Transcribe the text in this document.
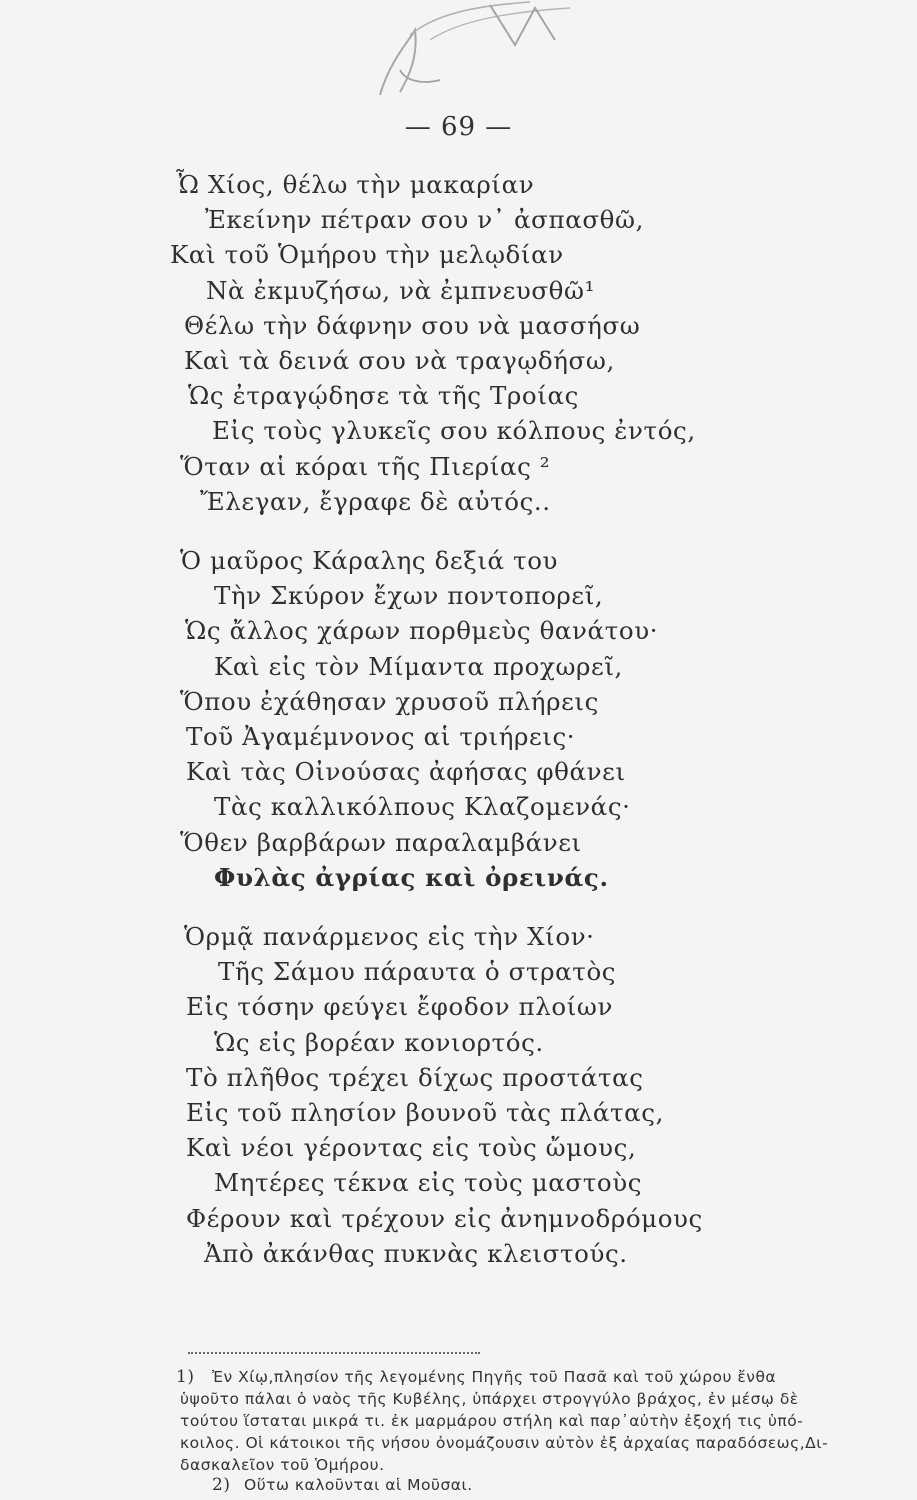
— 69 —
Ὦ Χίος, θέλω τὴν μακαρίαν
Ἐκείνην πέτραν σου ν᾽ ἀσπασθῶ,
Καὶ τοῦ Ὁμήρου τὴν μελῳδίαν
Νὰ ἐκμυζήσω, νὰ ἐμπνευσθῶ¹
Θέλω τὴν δάφνην σου νὰ μασσήσω
Καὶ τὰ δεινά σου νὰ τραγῳδήσω,
Ὡς ἐτραγῴδησε τὰ τῆς Τροίας
Εἰς τοὺς γλυκεῖς σου κόλπους ἐντός,
Ὅταν αἱ κόραι τῆς Πιερίας ²
Ἔλεγαν, ἔγραφε δὲ αὐτός..
Ὁ μαῦρος Κάραλης δεξιά του
Τὴν Σκύρον ἔχων ποντοπορεῖ,
Ὡς ἄλλος χάρων πορθμεὺς θανάτου·
Καὶ εἰς τὸν Μίμαντα προχωρεῖ,
Ὅπου ἐχάθησαν χρυσοῦ πλήρεις
Τοῦ Ἀγαμέμνονος αἱ τριήρεις·
Καὶ τὰς Οἰνούσας ἀφήσας φθάνει
Τὰς καλλικόλπους Κλαζομενάς·
Ὅθεν βαρβάρων παραλαμβάνει
Φυλὰς ἀγρίας καὶ ὀρεινάς.
Ὁρμᾷ πανάρμενος εἰς τὴν Χίον·
Τῆς Σάμου πάραυτα ὁ στρατὸς
Εἰς τόσην φεύγει ἔφοδον πλοίων
Ὡς εἰς βορέαν κονιορτός.
Τὸ πλῆθος τρέχει δίχως προστάτας
Εἰς τοῦ πλησίον βουνοῦ τὰς πλάτας,
Καὶ νέοι γέροντας εἰς τοὺς ὤμους,
Μητέρες τέκνα εἰς τοὺς μαστοὺς
Φέρουν καὶ τρέχουν εἰς ἀνημνοδρόμους
Ἀπὸ ἀκάνθας πυκνὰς κλειστούς.
1) Ἐν Χίῳ,πλησίον τῆς λεγομένης Πηγῆς τοῦ Πασᾶ καὶ τοῦ χώρου ἔνθα
ὑψοῦτο πάλαι ὁ ναὸς τῆς Κυβέλης, ὑπάρχει στρογγύλο βράχος, ἐν μέσῳ δὲ
τούτου ἵσταται μικρά τι. ἐκ μαρμάρου στήλη καὶ παρ᾽αὐτὴν ἐξοχή τις ὑπό-
κοιλος. Οἱ κάτοικοι τῆς νήσου ὀνομάζουσιν αὐτὸν ἐξ ἀρχαίας παραδόσεως,Δι-
δασκαλεῖον τοῦ Ὁμήρου.
2) Οὕτω καλοῦνται αἱ Μοῦσαι.
